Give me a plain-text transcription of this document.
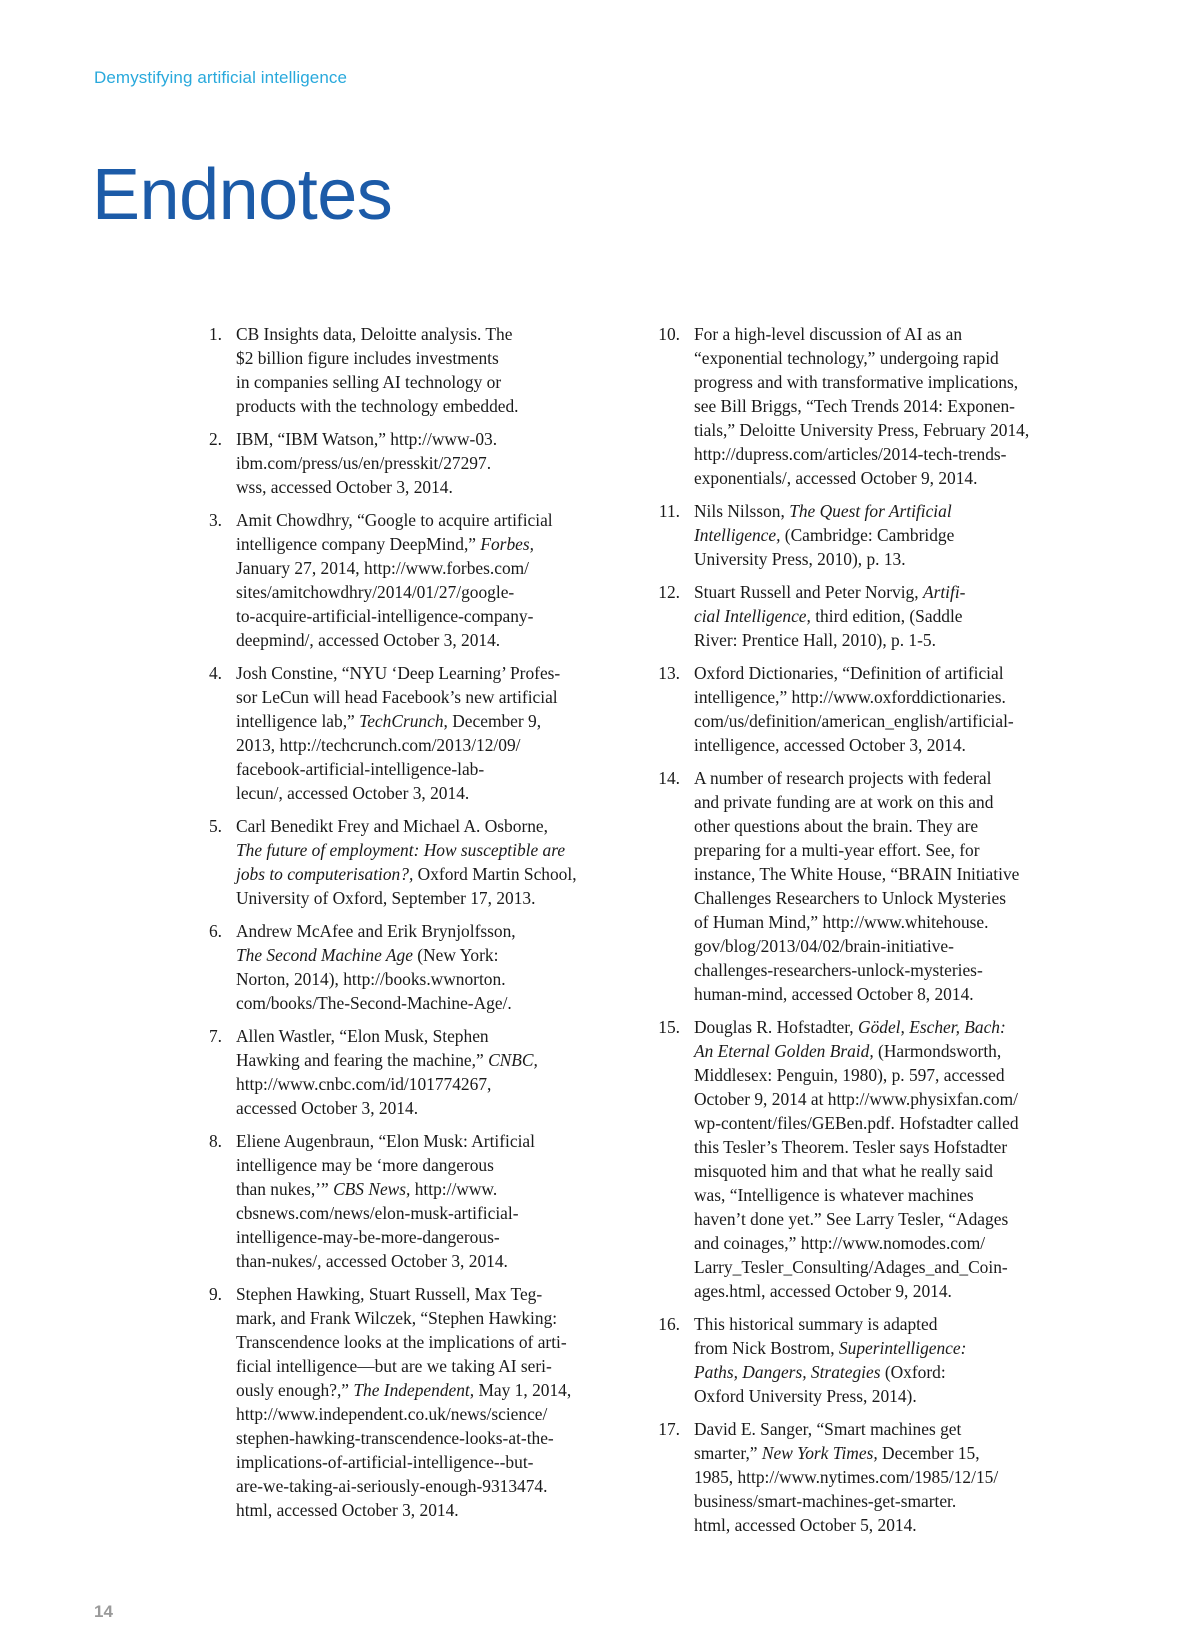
Demystifying artificial intelligence
Endnotes
1. CB Insights data, Deloitte analysis. The
$2 billion figure includes investments
in companies selling AI technology or
products with the technology embedded.
2. IBM, “IBM Watson,” http://www-03.
ibm.com/press/us/en/presskit/27297.
wss, accessed October 3, 2014.
3. Amit Chowdhry, “Google to acquire artificial
intelligence company DeepMind,” Forbes,
January 27, 2014, http://www.forbes.com/
sites/amitchowdhry/2014/01/27/google-
to-acquire-artificial-intelligence-company-
deepmind/, accessed October 3, 2014.
4. Josh Constine, “NYU ‘Deep Learning’ Profes-
sor LeCun will head Facebook’s new artificial
intelligence lab,” TechCrunch, December 9,
2013, http://techcrunch.com/2013/12/09/
facebook-artificial-intelligence-lab-
lecun/, accessed October 3, 2014.
5. Carl Benedikt Frey and Michael A. Osborne,
The future of employment: How susceptible are
jobs to computerisation?, Oxford Martin School,
University of Oxford, September 17, 2013.
6. Andrew McAfee and Erik Brynjolfsson,
The Second Machine Age (New York:
Norton, 2014), http://books.wwnorton.
com/books/The-Second-Machine-Age/.
7. Allen Wastler, “Elon Musk, Stephen
Hawking and fearing the machine,” CNBC,
http://www.cnbc.com/id/101774267,
accessed October 3, 2014.
8. Eliene Augenbraun, “Elon Musk: Artificial
intelligence may be ‘more dangerous
than nukes,’” CBS News, http://www.
cbsnews.com/news/elon-musk-artificial-
intelligence-may-be-more-dangerous-
than-nukes/, accessed October 3, 2014.
9. Stephen Hawking, Stuart Russell, Max Teg-
mark, and Frank Wilczek, “Stephen Hawking:
Transcendence looks at the implications of arti-
ficial intelligence—but are we taking AI seri-
ously enough?,” The Independent, May 1, 2014,
http://www.independent.co.uk/news/science/
stephen-hawking-transcendence-looks-at-the-
implications-of-artificial-intelligence--but-
are-we-taking-ai-seriously-enough-9313474.
html, accessed October 3, 2014.
10. For a high-level discussion of AI as an
“exponential technology,” undergoing rapid
progress and with transformative implications,
see Bill Briggs, “Tech Trends 2014: Exponen-
tials,” Deloitte University Press, February 2014,
http://dupress.com/articles/2014-tech-trends-
exponentials/, accessed October 9, 2014.
11. Nils Nilsson, The Quest for Artificial
Intelligence, (Cambridge: Cambridge
University Press, 2010), p. 13.
12. Stuart Russell and Peter Norvig, Artifi-
cial Intelligence, third edition, (Saddle
River: Prentice Hall, 2010), p. 1-5.
13. Oxford Dictionaries, “Definition of artificial
intelligence,” http://www.oxforddictionaries.
com/us/definition/american_english/artificial-
intelligence, accessed October 3, 2014.
14. A number of research projects with federal
and private funding are at work on this and
other questions about the brain. They are
preparing for a multi-year effort. See, for
instance, The White House, “BRAIN Initiative
Challenges Researchers to Unlock Mysteries
of Human Mind,” http://www.whitehouse.
gov/blog/2013/04/02/brain-initiative-
challenges-researchers-unlock-mysteries-
human-mind, accessed October 8, 2014.
15. Douglas R. Hofstadter, Gödel, Escher, Bach:
An Eternal Golden Braid, (Harmondsworth,
Middlesex: Penguin, 1980), p. 597, accessed
October 9, 2014 at http://www.physixfan.com/
wp-content/files/GEBen.pdf. Hofstadter called
this Tesler’s Theorem. Tesler says Hofstadter
misquoted him and that what he really said
was, “Intelligence is whatever machines
haven’t done yet.” See Larry Tesler, “Adages
and coinages,” http://www.nomodes.com/
Larry_Tesler_Consulting/Adages_and_Coin-
ages.html, accessed October 9, 2014.
16. This historical summary is adapted
from Nick Bostrom, Superintelligence:
Paths, Dangers, Strategies (Oxford:
Oxford University Press, 2014).
17. David E. Sanger, “Smart machines get
smarter,” New York Times, December 15,
1985, http://www.nytimes.com/1985/12/15/
business/smart-machines-get-smarter.
html, accessed October 5, 2014.
14
